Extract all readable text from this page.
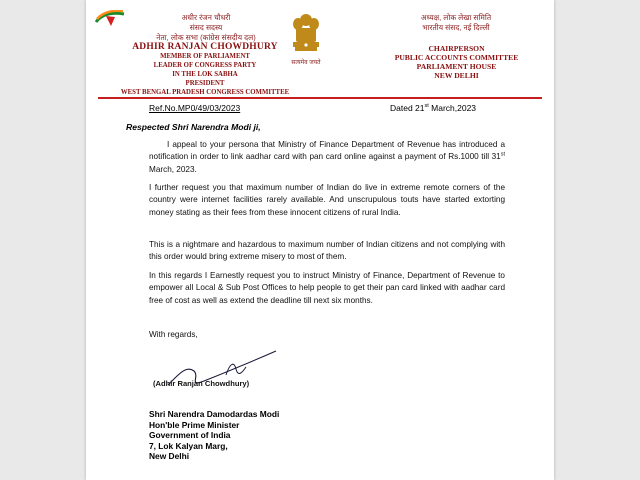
अधीर रंजन चौधरी
संसद सदस्य
नेता, लोक सभा (कांग्रेस संसदीय दल)
ADHIR RANJAN CHOWDHURY
MEMBER OF PARLIAMENT
LEADER OF CONGRESS PARTY
IN THE LOK SABHA
PRESIDENT
WEST BENGAL PRADESH CONGRESS COMMITTEE
सत्यमेव जयते
अध्यक्ष, लोक लेखा समिति
भारतीय संसद, नई दिल्ली
CHAIRPERSON
PUBLIC ACCOUNTS COMMITTEE
PARLIAMENT HOUSE
NEW DELHI
Ref.No.MP0/49/03/2023	Dated 21st March,2023
Respected Shri Narendra Modi ji,
I appeal to your persona that Ministry of Finance Department of Revenue has introduced a notification in order to link aadhar card with pan card online against a payment of Rs.1000 till 31st March, 2023.
I further request you that maximum number of Indian do live in extreme remote corners of the country were internet facilities rarely available. And unscrupulous touts have started extorting money stating as their fees from these innocent citizens of rural India.
This is a nightmare and hazardous to maximum number of Indian citizens and not complying with this order would bring extreme misery to most of them.
In this regards I Earnestly request you to instruct Ministry of Finance, Department of Revenue to empower all Local & Sub Post Offices to help people to get their pan card linked with aadhar card free of cost as well as extend the deadline till next six months.
With regards,
(Adhir Ranjan Chowdhury)
Shri Narendra Damodardas Modi
Hon'ble Prime Minister
Government of India
7, Lok Kalyan Marg,
New Delhi
